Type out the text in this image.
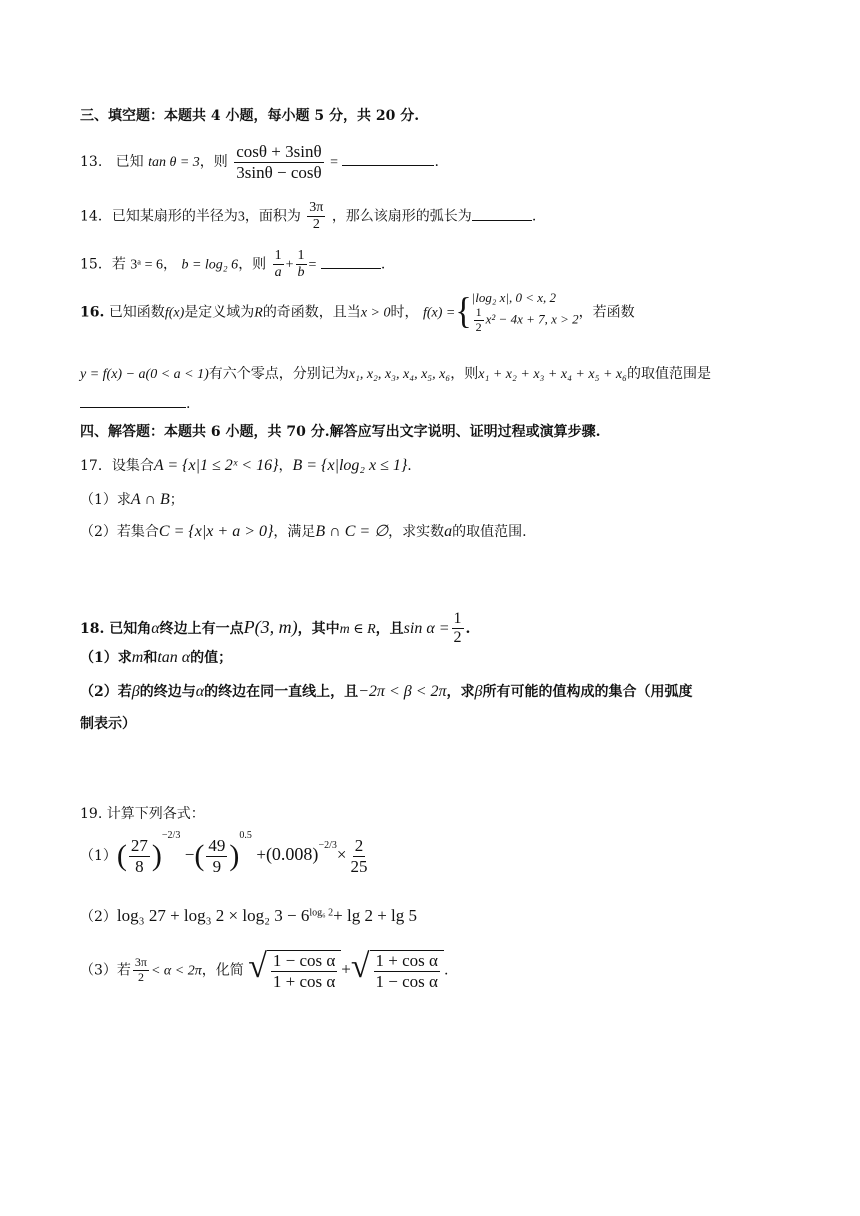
三、填空题：本题共 4 小题，每小题 5 分，共 20 分.
13. 已知 tan θ = 3，则 $\frac{\cos\theta + 3\sin\theta}{3\sin\theta - \cos\theta}$ =	.
14．已知某扇形的半径为3，面积为 $\frac{3\pi}{2}$ ，那么该扇形的弧长为	.
15．若 3ᵃ = 6， b = log₂ 6，则 $\frac{1}{a} + \frac{1}{b}$ =	.
16. 已知函数f(x)是定义域为R的奇函数，且当x > 0时， f(x) ={ |log₂ x|, 0 < x, 2
$\frac{1}{2} x^2 - 4x + 7$, x > 2 ，若函数
y = f(x) − a(0 < a < 1)有六个零点，分别记为x₁, x₂, x₃, x₄, x₅, x₆，则x₁ + x₂ + x₃ + x₄ + x₅ + x₆的取值范围是
.
四、解答题：本题共 6 小题，共 70 分.解答应写出文字说明、证明过程或演算步骤.
17．设集合A = {x|1 ≤ 2ˣ < 16}，B = {x|log₂ x ≤ 1}.
（1）求A ∩ B；
（2）若集合C = {x|x + a > 0}，满足B ∩ C = ∅，求实数a的取值范围.
18. 已知角α终边上有一点P(3, m)，其中m ∈ R，且$\sin \alpha = \frac{1}{2}$ .
（1）求m和tan α的值；
（2）若β的终边与α的终边在同一直线上，且−2π < β < 2π，求β所有可能的值构成的集合（用弧度
制表示）
19. 计算下列各式：
$(1)( \frac{27}{8} )^{-2/3}$ −( $\frac{49}{9} )^{0.5} +(0.008)^{-2/3}\times \frac{2}{25}$
（2）log₃ 27 + log₃ 2 × log₂ $3 - 6^{log_6 2}+ \lg 2 + \lg 5$
（3）若 $\frac{3\pi}{2} < \alpha < 2\pi$，化简 √ $\frac{\text{1 − cos α}}{\text{1 + cos α}}$ + √ $\frac{\text{1 + cos α}}{\text{1 − cos α}}$ .
